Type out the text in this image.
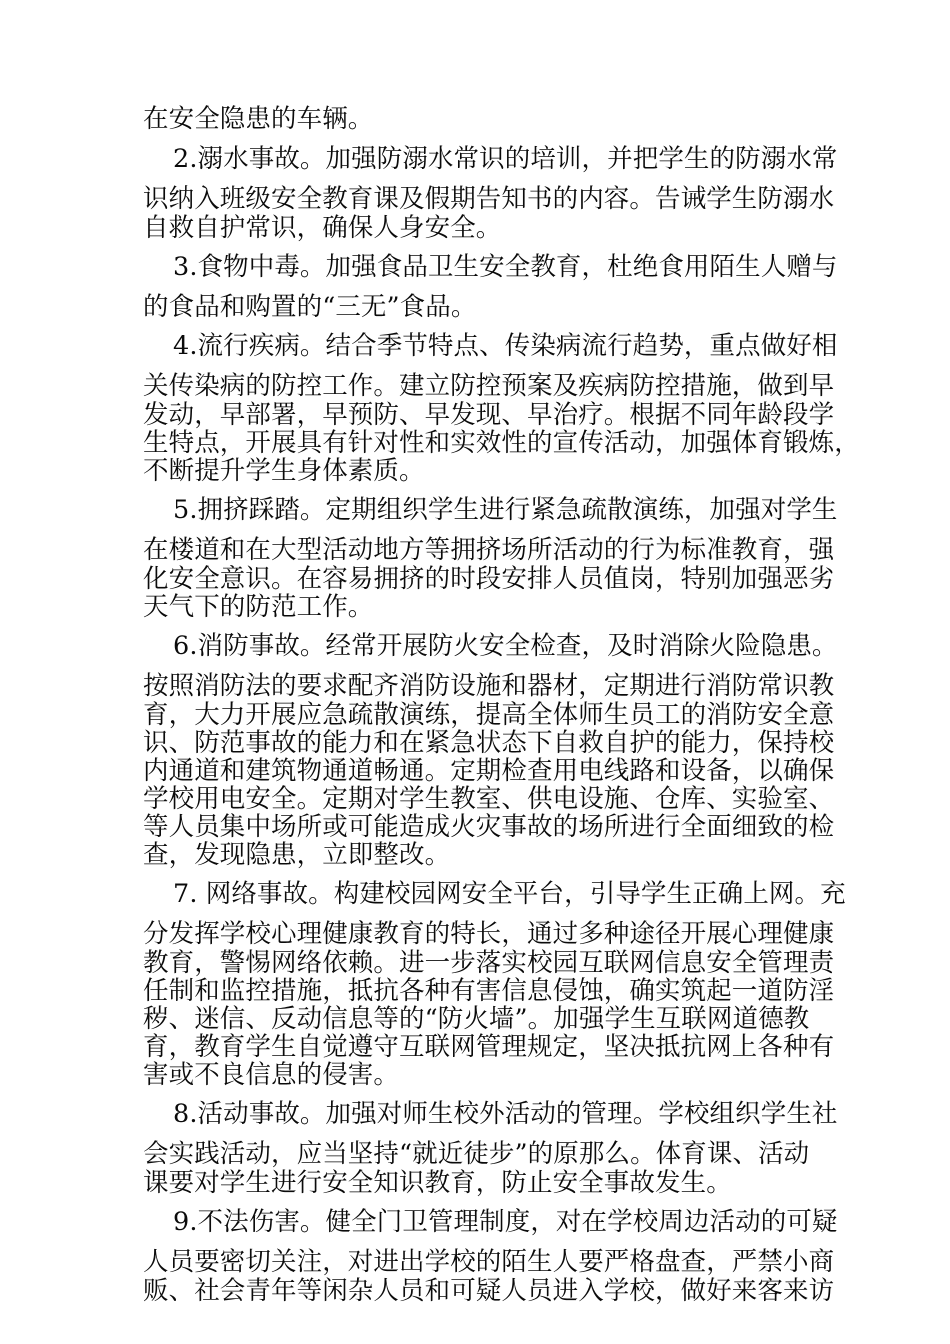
在安全隐患的车辆。
2.溺水事故。加强防溺水常识的培训，并把学生的防溺水常
识纳入班级安全教育课及假期告知书的内容。告诫学生防溺水
自救自护常识，确保人身安全。
3.食物中毒。加强食品卫生安全教育，杜绝食用陌生人赠与
的食品和购置的“三无”食品。
4.流行疾病。结合季节特点、传染病流行趋势，重点做好相
关传染病的防控工作。建立防控预案及疾病防控措施，做到早
发动，早部署，早预防、早发现、早治疗。根据不同年龄段学
生特点，开展具有针对性和实效性的宣传活动，加强体育锻炼，
不断提升学生身体素质。
5.拥挤踩踏。定期组织学生进行紧急疏散演练，加强对学生
在楼道和在大型活动地方等拥挤场所活动的行为标准教育，强
化安全意识。在容易拥挤的时段安排人员值岗，特别加强恶劣
天气下的防范工作。
6.消防事故。经常开展防火安全检查，及时消除火险隐患。
按照消防法的要求配齐消防设施和器材，定期进行消防常识教
育，大力开展应急疏散演练，提高全体师生员工的消防安全意
识、防范事故的能力和在紧急状态下自救自护的能力，保持校
内通道和建筑物通道畅通。定期检查用电线路和设备，以确保
学校用电安全。定期对学生教室、供电设施、仓库、实验室、
等人员集中场所或可能造成火灾事故的场所进行全面细致的检
查，发现隐患，立即整改。
7. 网络事故。构建校园网安全平台，引导学生正确上网。充
分发挥学校心理健康教育的特长，通过多种途径开展心理健康
教育，警惕网络依赖。进一步落实校园互联网信息安全管理责
任制和监控措施，抵抗各种有害信息侵蚀，确实筑起一道防淫
秽、迷信、反动信息等的“防火墙”。加强学生互联网道德教
育，教育学生自觉遵守互联网管理规定，坚决抵抗网上各种有
害或不良信息的侵害。
8.活动事故。加强对师生校外活动的管理。学校组织学生社
会实践活动，应当坚持“就近徒步”的原那么。体育课、活动
课要对学生进行安全知识教育，防止安全事故发生。
9.不法伤害。健全门卫管理制度，对在学校周边活动的可疑
人员要密切关注，对进出学校的陌生人要严格盘查，严禁小商
贩、社会青年等闲杂人员和可疑人员进入学校，做好来客来访
